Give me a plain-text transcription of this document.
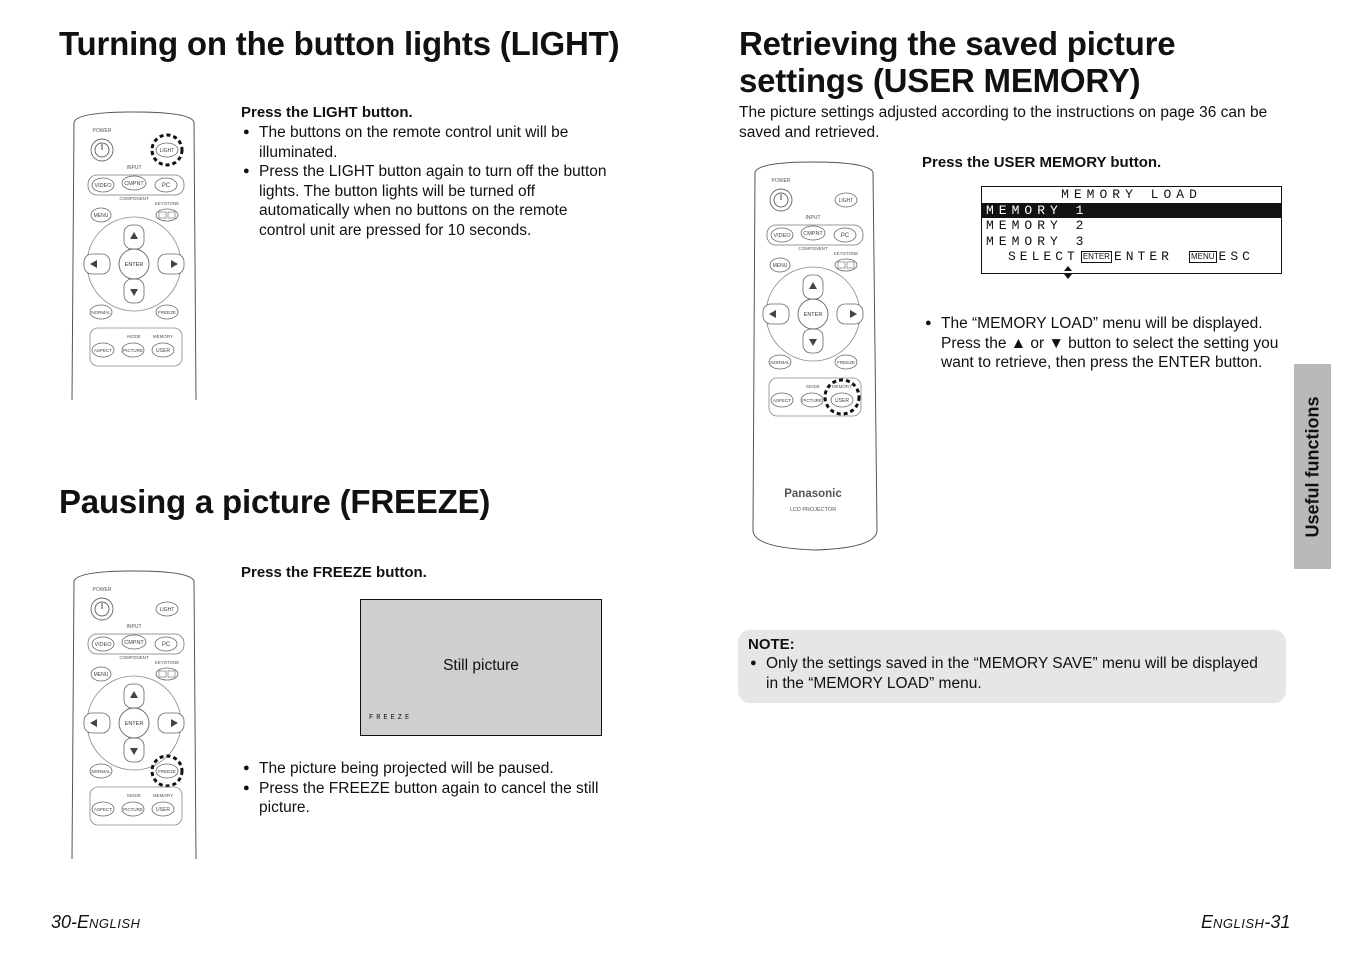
Turning on the button lights (LIGHT)
POWER
LIGHT
INPUT
VIDEO CMPNT	PC
COMPONENT
KEYSTONE
MENU
ENTER
NORMAL	FREEZE
MODE	MEMORY
ASPECT PICTURE	USER
Press the LIGHT button.
● The buttons on the remote control unit will be illuminated.
● Press the LIGHT button again to turn off the button lights. The button lights will be turned off automatically when no buttons on the remote control unit are pressed for 10 seconds.
Pausing a picture (FREEZE)
POWER
LIGHT
INPUT
VIDEO CMPNT	PC
COMPONENT
KEYSTONE
MENU
ENTER
NORMAL	FREEZE
MODE	MEMORY
ASPECT PICTURE	USER
Press the FREEZE button.
Still picture
FREEZE
● The picture being projected will be paused.
● Press the FREEZE button again to cancel the still picture.
30-ENGLISH
Retrieving the saved picture
settings (USER MEMORY)
The picture settings adjusted according to the instructions on page 36 can be saved and retrieved.
Press the USER MEMORY button.
POWER
LIGHT
INPUT
VIDEO CMPNT	PC
COMPONENT
KEYSTONE
MENU
ENTER
NORMAL	FREEZE
MODE	MEMORY
ASPECT PICTURE	USER
Panasonic
LCD PROJECTOR
MEMORY LOAD
MEMORY 1
MEMORY 2
MEMORY 3

SELECT ENTER ENTER MENU ESC
● The “MEMORY LOAD” menu will be displayed. Press the ▲ or ▼ button to select the setting you want to retrieve, then press the ENTER button.
NOTE:
● Only the settings saved in the “MEMORY SAVE” menu will be displayed in the “MEMORY LOAD” menu.
Useful functions
ENGLISH-31
